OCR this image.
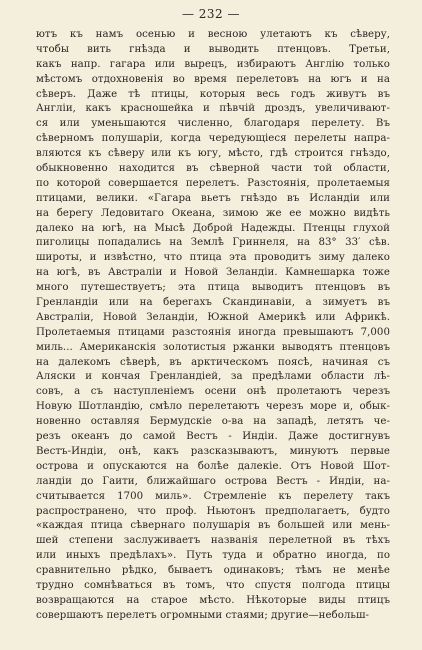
— 232 —
ютъ къ намъ осенью и весною улетаютъ къ сѣверу,
чтобы вить гнѣзда и выводить птенцовъ. Третьи,
какъ напр. гагара или вырецъ, избираютъ Англію только
мѣстомъ отдохновенія во время перелетовъ на югъ и на
сѣверъ. Даже тѣ птицы, которыя весь годъ живутъ въ
Англіи, какъ красношейка и пѣвчій дроздъ, увеличивают-
ся или уменьшаются численно, благодаря перелету. Въ
сѣверномъ полушаріи, когда чередующіеся перелеты напра-
вляются къ сѣверу или къ югу, мѣсто, гдѣ строится гнѣздо,
обыкновенно находится въ сѣверной части той области,
по которой совершается перелетъ. Разстоянія, пролетаемыя
птицами, велики. «Гагара вьетъ гнѣздо въ Исландіи или
на берегу Ледовитаго Океана, зимою же ее можно видѣть
далеко на югѣ, на Мысѣ Доброй Надежды. Птенцы глухой
пиголицы попадались на Землѣ Гриннеля, на 83° 33′ сѣв.
широты, и извѣстно, что птица эта проводитъ зиму далеко
на югѣ, въ Австраліи и Новой Зеландіи. Камнешарка тоже
много путешествуетъ; эта птица выводитъ птенцовъ въ
Гренландіи или на берегахъ Скандинавіи, а зимуетъ въ
Австраліи, Новой Зеландіи, Южной Америкѣ или Африкѣ.
Пролетаемыя птицами разстоянія иногда превышаютъ 7,000
миль... Американскія золотистыя ржанки выводятъ птенцовъ
на далекомъ сѣверѣ, въ арктическомъ поясѣ, начиная съ
Аляски и кончая Гренландіей, за предѣлами области лѣ-
совъ, а съ наступленіемъ осени онѣ пролетаютъ черезъ
Новую Шотландію, смѣло перелетаютъ черезъ море и, обык-
новенно оставляя Бермудскіе о-ва на западѣ, летятъ че-
резъ океанъ до самой Вестъ - Индіи. Даже достигнувъ
Вестъ-Индіи, онѣ, какъ разсказываютъ, минуютъ первые
острова и опускаются на болѣе далекіе. Отъ Новой Шот-
ландіи до Гаити, ближайшаго острова Вестъ - Индіи, на-
считывается 1700 миль». Стремленіе къ перелету такъ
распространено, что проф. Ньютонъ предполагаетъ, будто
«каждая птица сѣвернаго полушарія въ большей или мень-
шей степени заслуживаетъ названія перелетной въ тѣхъ
или иныхъ предѣлахъ». Путь туда и обратно иногда, по
сравнительно рѣдко, бываетъ одинаковъ; тѣмъ не менѣе
трудно сомнѣваться въ томъ, что спустя полгода птицы
возвращаются на старое мѣсто. Нѣкоторые виды птицъ
совершаютъ перелетъ огромными стаями; другие—небольш-
